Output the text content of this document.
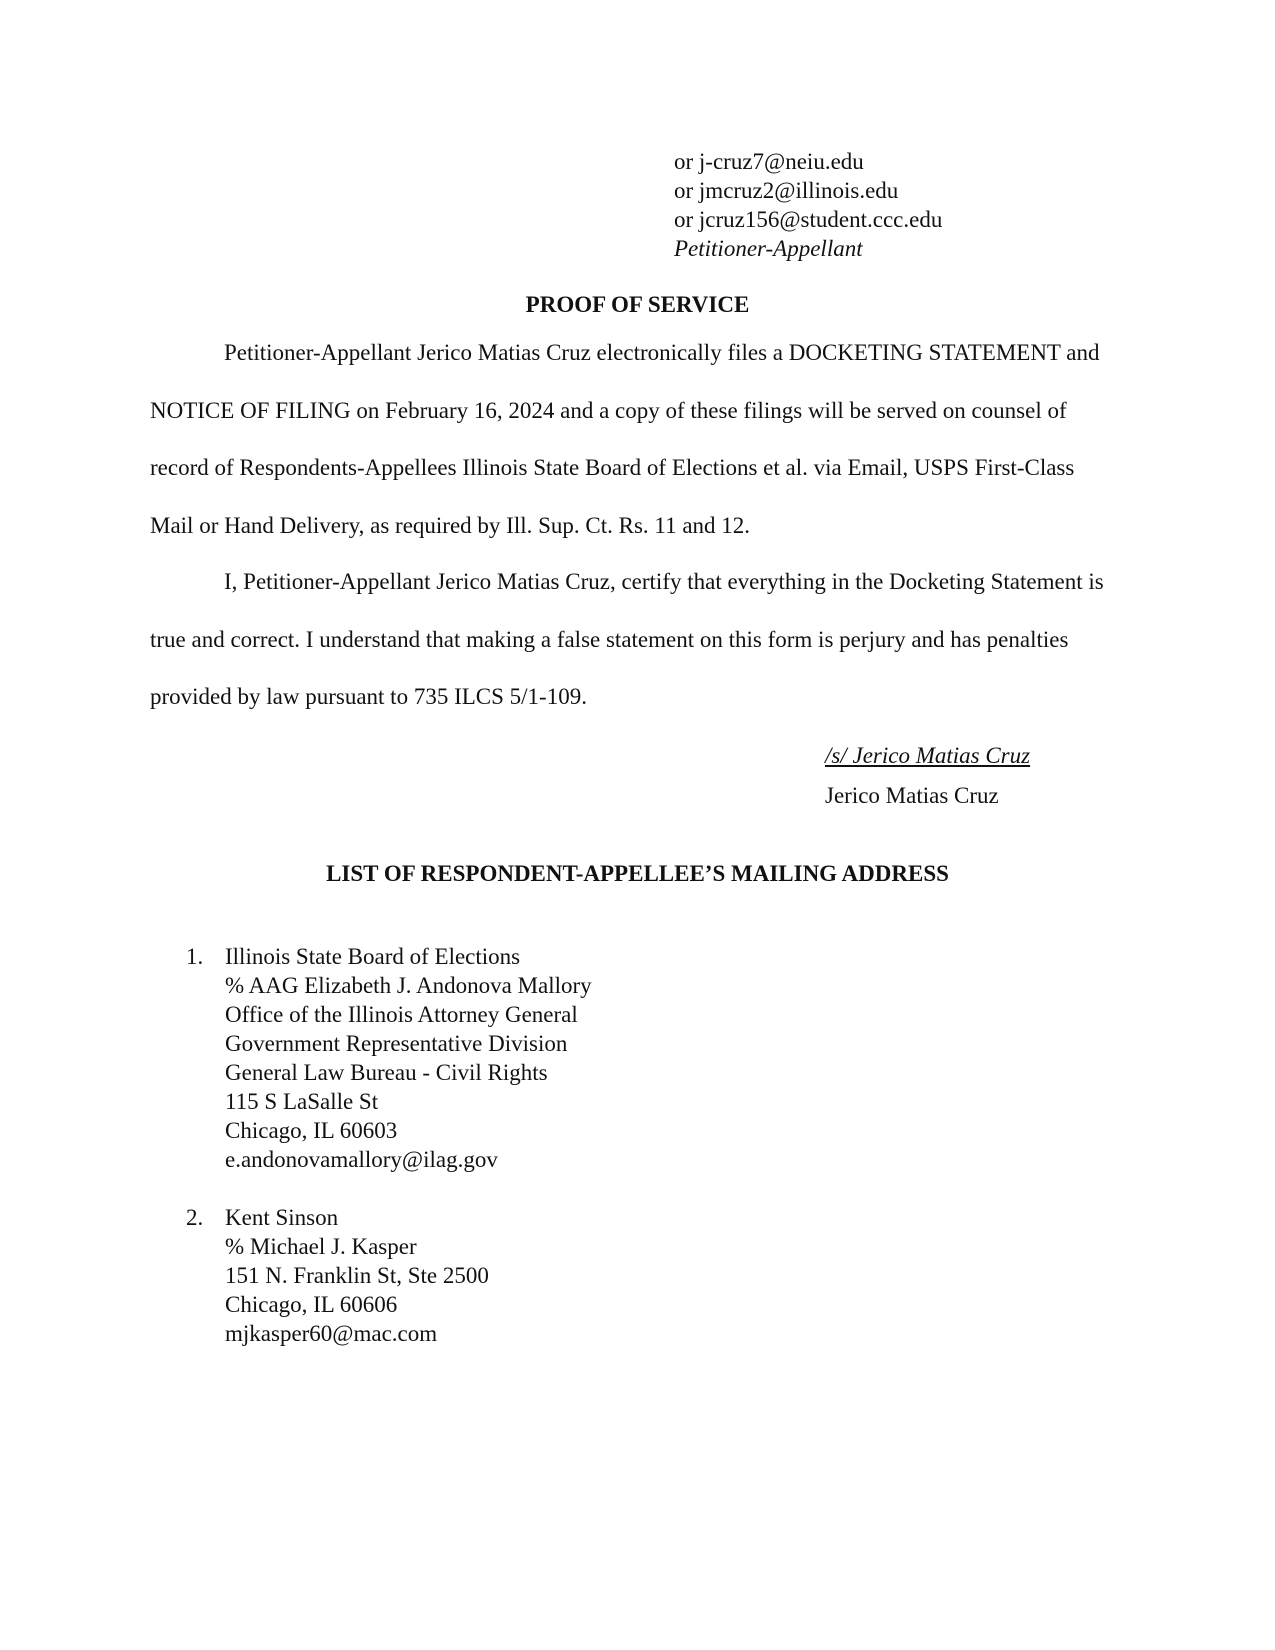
or j-cruz7@neiu.edu
or jmcruz2@illinois.edu
or jcruz156@student.ccc.edu
Petitioner-Appellant
PROOF OF SERVICE

Petitioner-Appellant Jerico Matias Cruz electronically files a DOCKETING STATEMENT and NOTICE OF FILING on February 16, 2024 and a copy of these filings will be served on counsel of record of Respondents-Appellees Illinois State Board of Elections et al. via Email, USPS First-Class Mail or Hand Delivery, as required by Ill. Sup. Ct. Rs. 11 and 12.

I, Petitioner-Appellant Jerico Matias Cruz, certify that everything in the Docketing Statement is true and correct. I understand that making a false statement on this form is perjury and has penalties provided by law pursuant to 735 ILCS 5/1-109.

/s/ Jerico Matias Cruz
Jerico Matias Cruz
LIST OF RESPONDENT-APPELLEE’S MAILING ADDRESS
1. Illinois State Board of Elections
% AAG Elizabeth J. Andonova Mallory
Office of the Illinois Attorney General
Government Representative Division
General Law Bureau - Civil Rights
115 S LaSalle St
Chicago, IL 60603
e.andonovamallory@ilag.gov
2. Kent Sinson
% Michael J. Kasper
151 N. Franklin St, Ste 2500
Chicago, IL 60606
mjkasper60@mac.com
